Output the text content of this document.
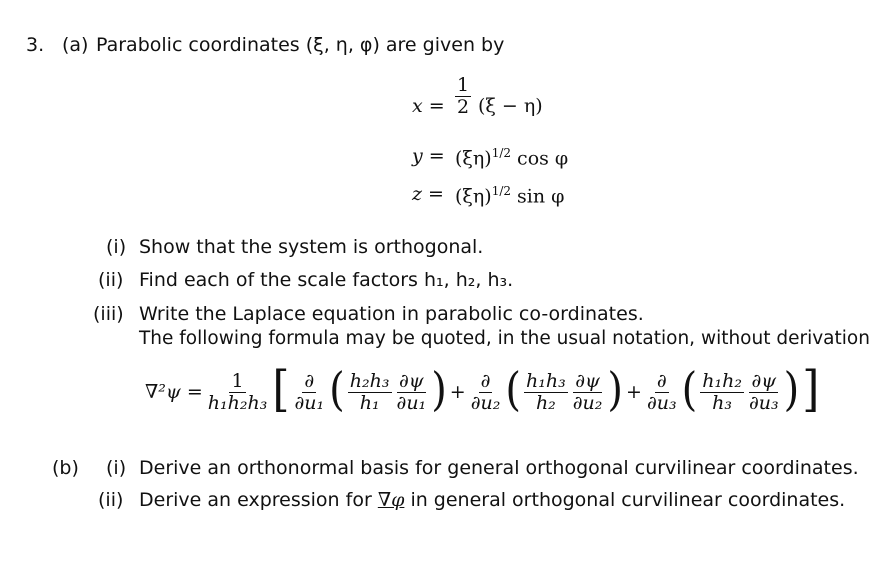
3. (a) Parabolic coordinates (ξ, η, φ) are given by
$x = \frac{1}{2} (\xi - \eta)$
$y = (\xi\eta)^{1/2}$ cos φ
$z = (\xi\eta)^{1/2}$ sin φ
(i) Show that the system is orthogonal.
(ii) Find each of the scale factors h₁, h₂, h₃.
(iii) Write the Laplace equation in parabolic co-ordinates.
The following formula may be quoted, in the usual notation, without derivation
$\nabla^2\psi = \frac{1}{\text{h₁h₂h₃}}$ [ $\frac{\partial}{\text{∂u₁}}$ ( $\frac{\text{h₂h₃}}{\text{h₁}} \frac{\partial\psi}{\text{∂u₁}}$ ) + $\frac{\partial}{\text{∂u₂}}$ ( $\frac{\text{h₁h₃}}{\text{h₂}} \frac{\partial\psi}{\text{∂u₂}}$ ) + $\frac{\partial}{\text{∂u₃}}$ ( $\frac{\text{h₁h₂}}{\text{h₃}} \frac{\partial\psi}{\text{∂u₃}}$ ) ]
(b) (i) Derive an orthonormal basis for general orthogonal curvilinear coordinates.
(ii) Derive an expression for ∇φ in general orthogonal curvilinear coordinates.
